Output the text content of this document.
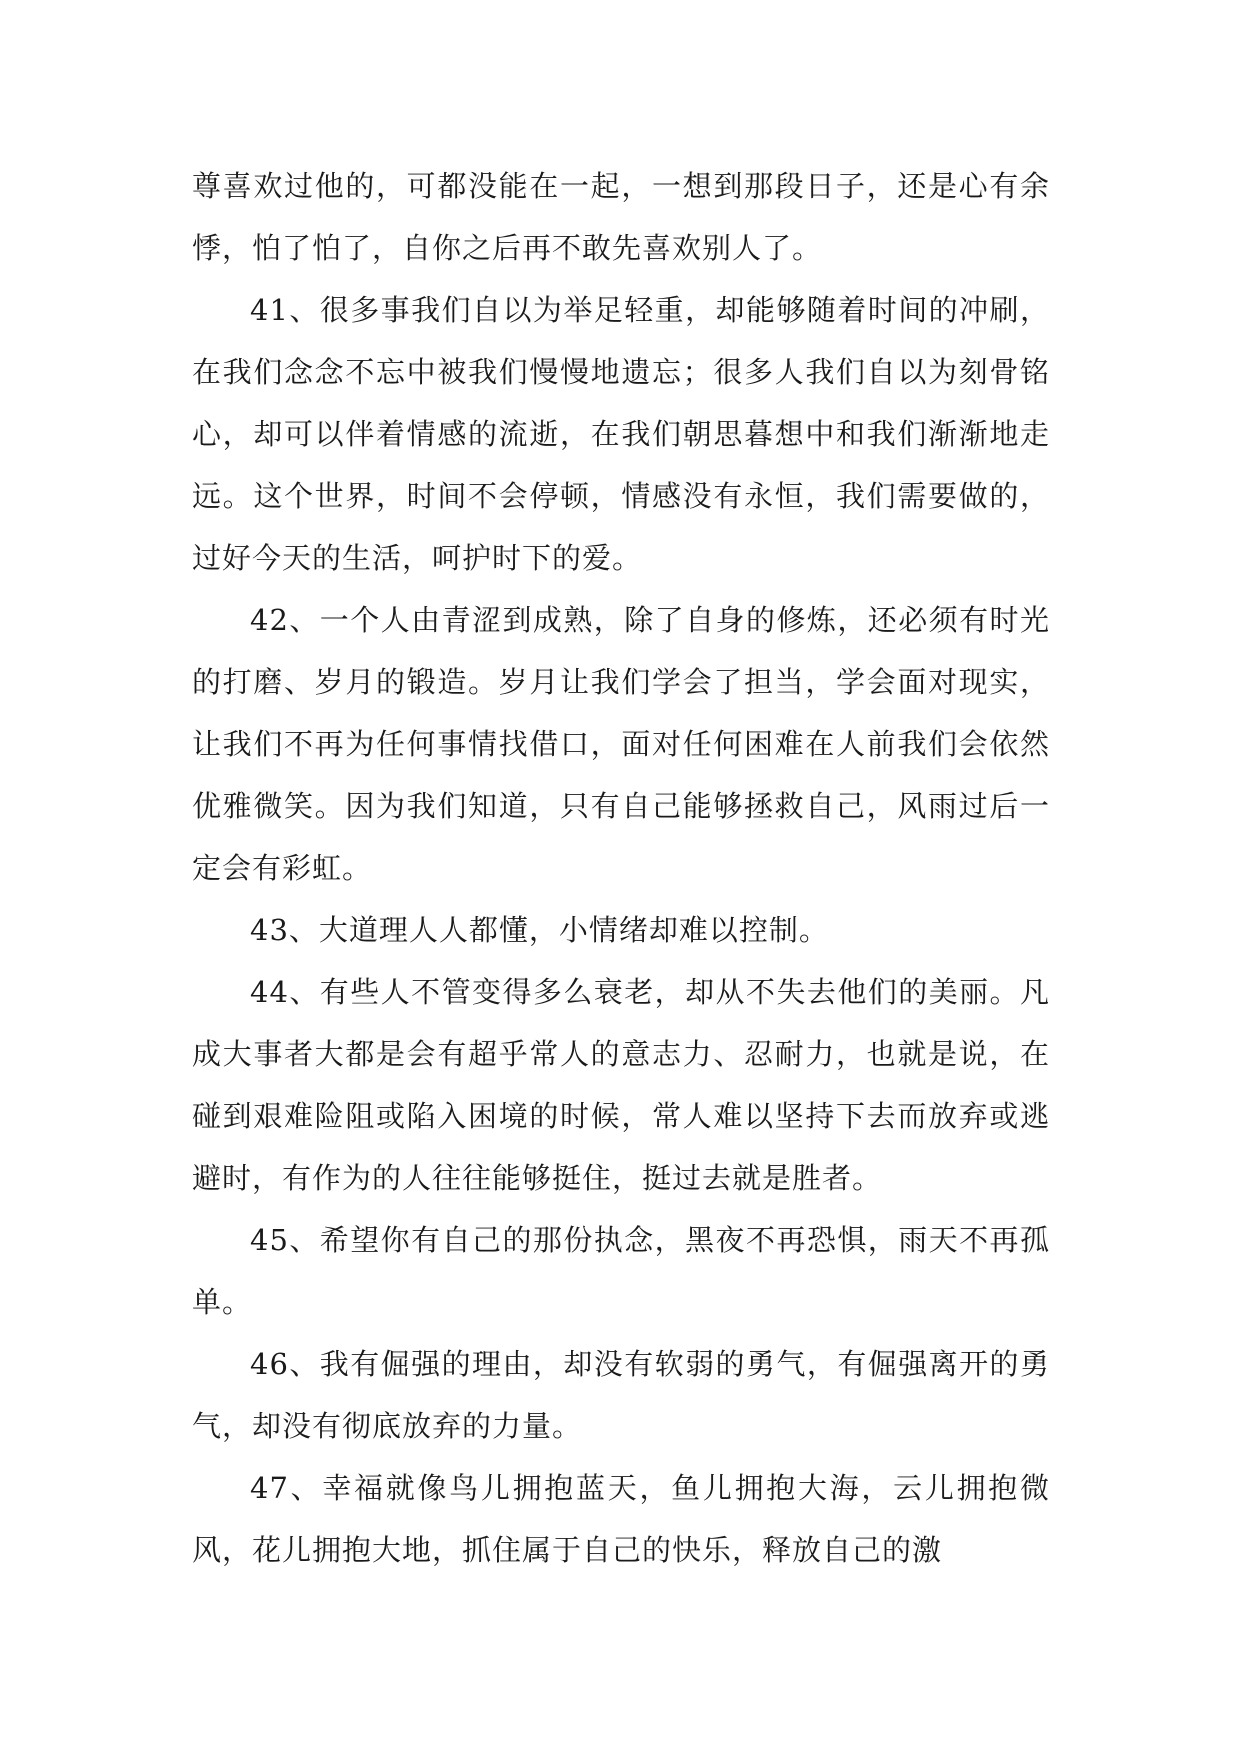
尊喜欢过他的，可都没能在一起，一想到那段日子，还是心有余悸，怕了怕了，自你之后再不敢先喜欢别人了。

41、很多事我们自以为举足轻重，却能够随着时间的冲刷，在我们念念不忘中被我们慢慢地遗忘；很多人我们自以为刻骨铭心，却可以伴着情感的流逝，在我们朝思暮想中和我们渐渐地走远。这个世界，时间不会停顿，情感没有永恒，我们需要做的，过好今天的生活，呵护时下的爱。

42、一个人由青涩到成熟，除了自身的修炼，还必须有时光的打磨、岁月的锻造。岁月让我们学会了担当，学会面对现实，让我们不再为任何事情找借口，面对任何困难在人前我们会依然优雅微笑。因为我们知道，只有自己能够拯救自己，风雨过后一定会有彩虹。

43、大道理人人都懂，小情绪却难以控制。

44、有些人不管变得多么衰老，却从不失去他们的美丽。凡成大事者大都是会有超乎常人的意志力、忍耐力，也就是说，在碰到艰难险阻或陷入困境的时候，常人难以坚持下去而放弃或逃避时，有作为的人往往能够挺住，挺过去就是胜者。

45、希望你有自己的那份执念，黑夜不再恐惧，雨天不再孤单。

46、我有倔强的理由，却没有软弱的勇气，有倔强离开的勇气，却没有彻底放弃的力量。

47、幸福就像鸟儿拥抱蓝天，鱼儿拥抱大海，云儿拥抱微风，花儿拥抱大地，抓住属于自己的快乐，释放自己的激
